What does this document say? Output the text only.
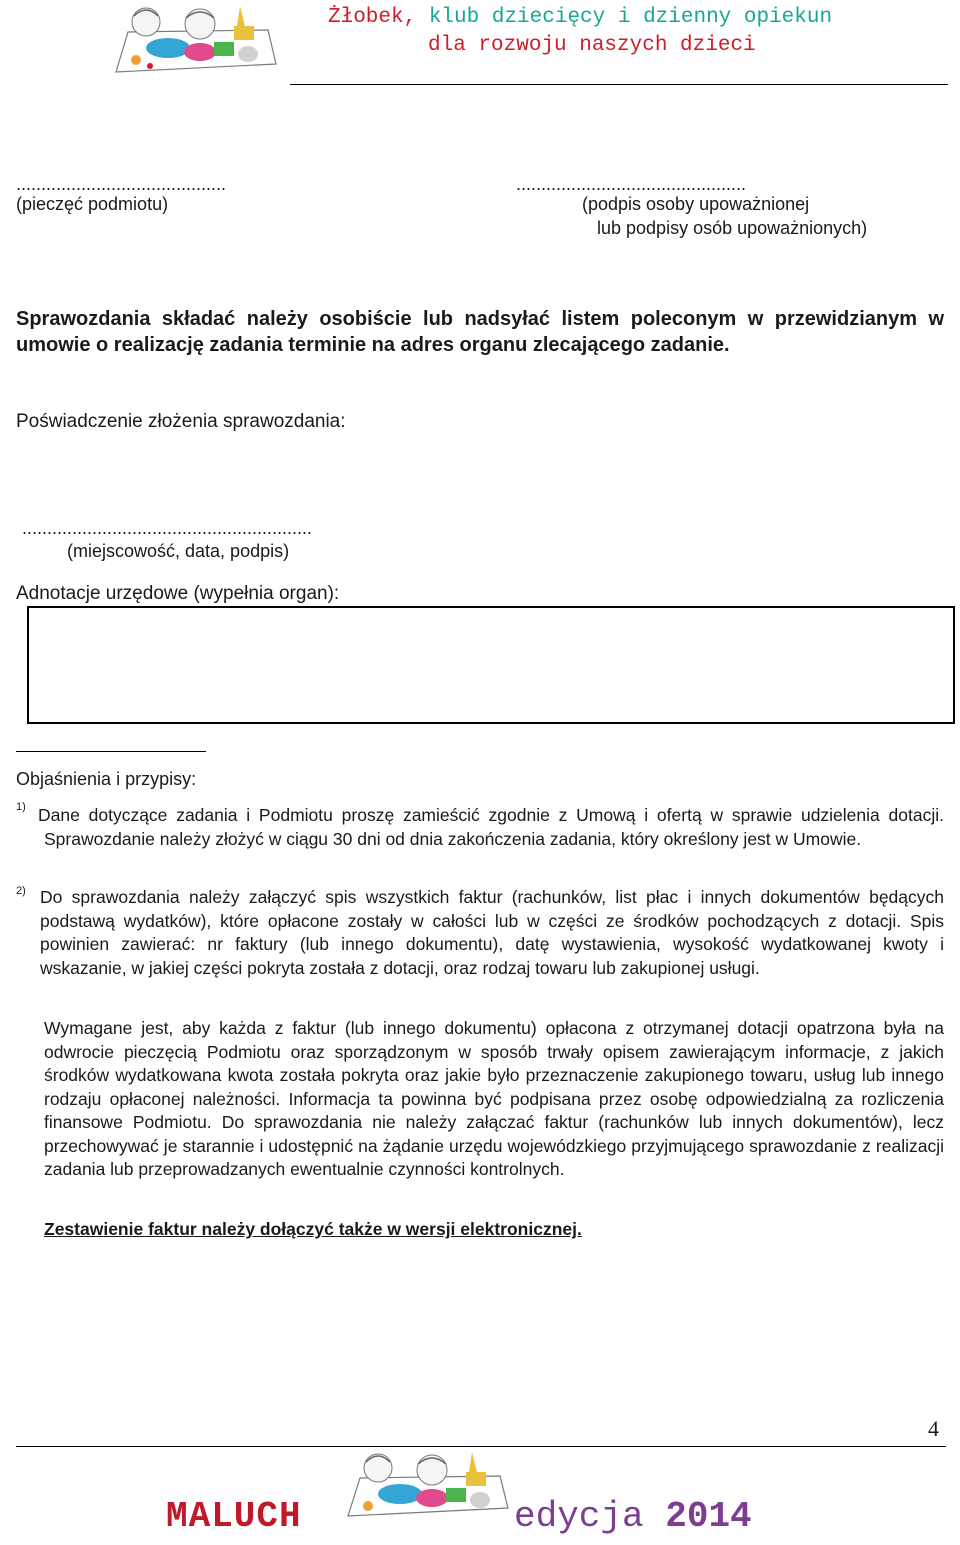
Żłobek, klub dziecięcy i dzienny opiekun
dla rozwoju naszych dzieci
..........................................
(pieczęć podmiotu)
..............................................
(podpis osoby upoważnionej
lub podpisy osób upoważnionych)
Sprawozdania składać należy osobiście lub nadsyłać listem poleconym w przewidzianym w umowie o realizację zadania terminie na adres organu zlecającego zadanie.
Poświadczenie złożenia sprawozdania:
..........................................................
(miejscowość, data, podpis)
Adnotacje urzędowe (wypełnia organ):
Objaśnienia i przypisy:
$^{1)}$ Dane dotyczące zadania i Podmiotu proszę zamieścić zgodnie z Umową i ofertą w sprawie udzielenia dotacji. Sprawozdanie należy złożyć w ciągu 30 dni od dnia zakończenia zadania, który określony jest w Umowie.
$^{2)}$ Do sprawozdania należy załączyć spis wszystkich faktur (rachunków, list płac i innych dokumentów będących podstawą wydatków), które opłacone zostały w całości lub w części ze środków pochodzących z dotacji. Spis powinien zawierać: nr faktury (lub innego dokumentu), datę wystawienia, wysokość wydatkowanej kwoty i wskazanie, w jakiej części pokryta została z dotacji, oraz rodzaj towaru lub zakupionej usługi.
Wymagane jest, aby każda z faktur (lub innego dokumentu) opłacona z otrzymanej dotacji opatrzona była na odwrocie pieczęcią Podmiotu oraz sporządzonym w sposób trwały opisem zawierającym informacje, z jakich środków wydatkowana kwota została pokryta oraz jakie było przeznaczenie zakupionego towaru, usług lub innego rodzaju opłaconej należności. Informacja ta powinna być podpisana przez osobę odpowiedzialną za rozliczenia finansowe Podmiotu. Do sprawozdania nie należy załączać faktur (rachunków lub innych dokumentów), lecz przechowywać je starannie i udostępnić na żądanie urzędu wojewódzkiego przyjmującego sprawozdanie z realizacji zadania lub przeprowadzanych ewentualnie czynności kontrolnych.
Zestawienie faktur należy dołączyć także w wersji elektronicznej.
4
MALUCH	edycja 2014
